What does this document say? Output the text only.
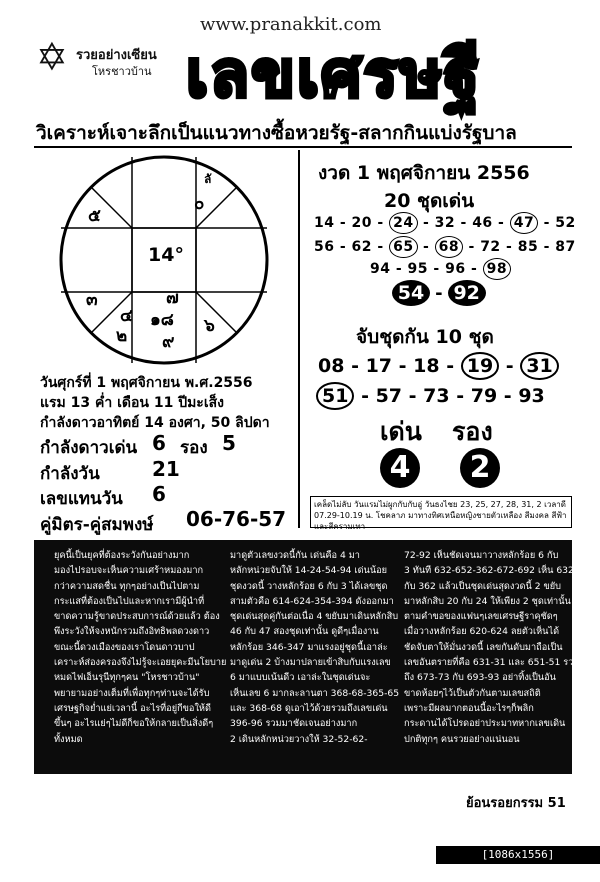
www.pranakkit.com
✡ รวยอย่างเซียน
โหรชาวบ้าน เลขเศรษฐี
วิเคราะห์เจาะลึกเป็นแนวทางซื้อหวยรัฐ-สลากกินแบ่งรัฐบาล
14°
ลั
๐
๕
๓
๔
๒
๗
๑๘
๙
๖
วันศุกร์ที่ 1 พฤศจิกายน พ.ศ.2556
แรม 13 ค่ำ เดือน 11 ปีมะเส็ง
กำลังดาวอาทิตย์ 14 องศา, 50 ลิปดา
กำลังดาวเด่น 6 รอง 5
กำลังวัน	21
เลขแทนวัน 6
คู่มิตร-คู่สมพงษ์ 06-76-57
งวด 1 พฤศจิกายน 2556
20 ชุดเด่น
14 - 20 - 24 - 32 - 46 - 47 - 52
56 - 62 - 65 - 68 - 72 - 85 - 87
94 - 95 - 96 - 98
54 - 92
จับชุดกัน 10 ชุด
08 - 17 - 18 - 19 - 31
51 - 57 - 73 - 79 - 93
เด่น รอง
4	2
เคล็ดไม่ลับ วันแรมไม่ผูกกับกับอู่ วันธงไชย 23, 25, 27, 28, 31, 2 เวลาดี 07.29-10.19 น. โชคลาภ มาทางทิศเหนือหญิงชายตัวเหลือง สีมงคล สีฟ้าและสีครามเทา
ยุคนี้เป็นยุคที่ต้องระวังกันอย่างมาก
มองไปรอบจะเห็นความเศร้าหมองมาก
กว่าความสดชื่น ทุกๆอย่างเป็นไปตาม
กระแสที่ต้องเป็นไปและหากเรามีผู้นำที่
ขาดความรู้ขาดประสบการณ์ด้วยแล้ว ต้อง
พึงระวังให้จงหนักรวมถึงอิทธิพลดวงดาว
ขณะนี้ดวงเมืองของเราโดนดาวบาป
เคราะห์ส่องครองจึงไม่รู้จะเอยยุคะมีนโยบาย
หมดไฟเอ็นรุนีทุกๆคน "โหรชาวบ้าน"
พยายามอย่างเต็มที่เพื่อทุกๆท่านจะได้รับ
เศรษฐกิจย่ำแย่เวลานี้ อะไรที่อยู่กีขอให้ดี
ขึ้นๆ อะไรแย่ๆไม่ดีก็ขอให้กลายเป็นสิ่งดีๆ
ทั้งหมด
มาดูตัวเลขงวดนี้กัน เด่นคือ 4 มา
หลักหน่วยจับให้ 14-24-54-94 เด่นน้อย
ชุดงวดนี้ วางหลักร้อย 6 กับ 3 ได้เลขชุด
สามตัวคือ 614-624-354-394 ดังออกมา
ชุดเด่นสุดคู่กันต่อเนื่อ 4 ขยับมาเดินหลักสิบ
46 กับ 47 สองชุดเท่านั้น ดูดีๆเมื่องาน
หลักร้อย 346-347 มาแรงอยู่ชุดนี้เอาล่ะ
มาดูเด่น 2 บ้างมาปลายเข้าสิบกับแรงเลข
6 มาแบบเน้นดีว เอาล่ะในชุดเด่นจะ
เห็นเลข 6 มากละลานตา 368-68-365-65
และ 368-68 ดูเอาไว้ด้วยรวมถึงเลขเด่น
396-96 รวมมาชัดเจนอย่างมาก
2 เดินหลักหน่วยวางให้ 32-52-62-
72-92 เห็นชัดเจนมาวางหลักร้อย 6 กับ
3 ทันที 632-652-362-672-692 เห็น 632
กับ 362 แล้วเป็นชุดเด่นสุดงวดนี้ 2 ขยับ
มาหลักสิบ 20 กับ 24 ให้เพียง 2 ชุดเท่านั้น
ตามคำขอของแฟนๆเลขเศรษฐีราคุชัดๆ
เมื่อวางหลักร้อย 620-624 ลยตัวเห็นได้
ชัดจับตาให้มั่นงวดนี้ เลขกันดับมาถือเป็น
เลขอันตรายที่คือ 631-31 และ 651-51 รวม
ถึง 673-73 กับ 693-93 อย่าทิ้งเป็นอัน
ขาดห้อยๆไว้เป็นตัวกันตามเลขสถิติ
เพราะมีผลมากตอนนี้อะไรๆก็พลิก
กระดานได้โปรดอย่าประมาทหากเลขเดิน
ปกติทุกๆ คนรวยอย่างแน่นอน
ย้อนรอยกรรม 51
[1086x1556] http://upic.me/
